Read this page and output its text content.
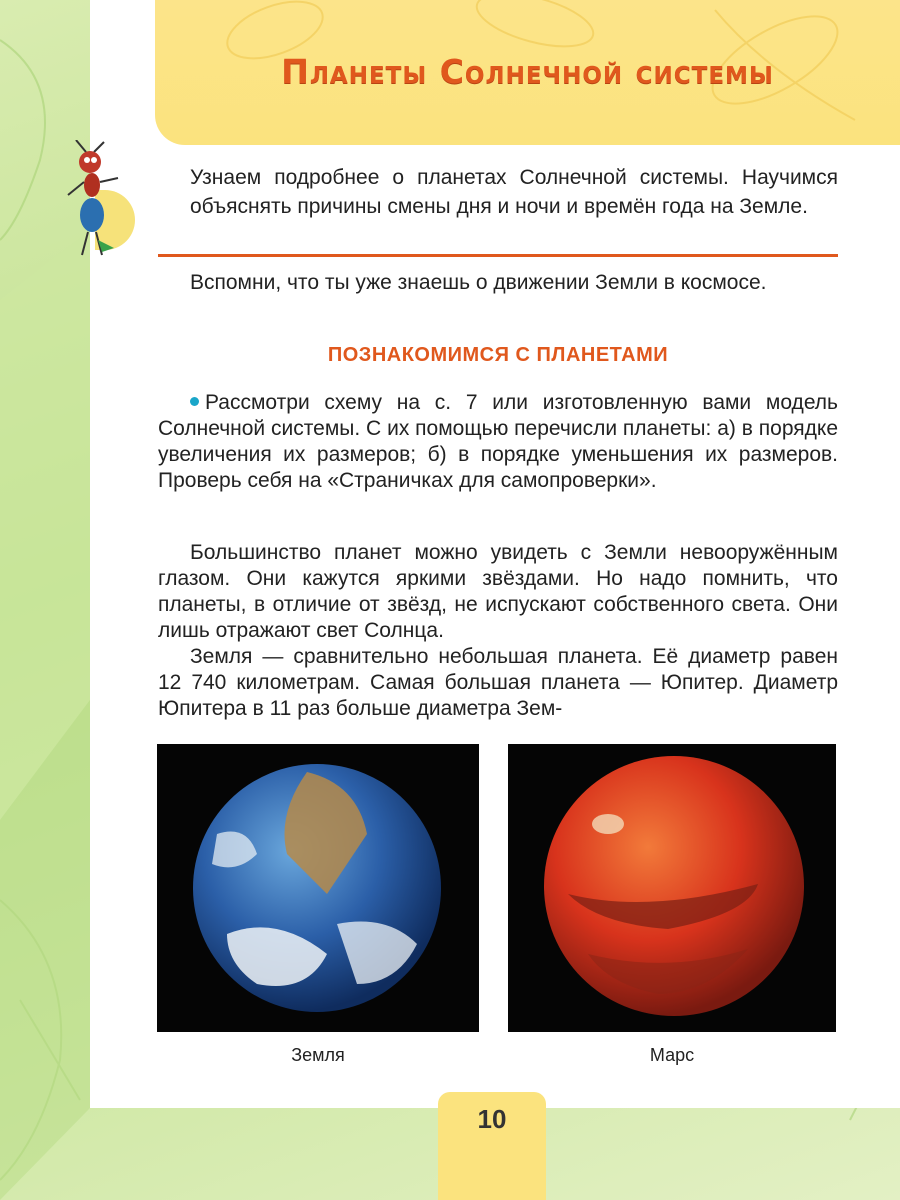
Планеты Солнечной системы

Узнаем подробнее о планетах Солнечной системы. Научимся объяснять причины смены дня и ночи и времён года на Земле.

Вспомни, что ты уже знаешь о движении Земли в космосе.

ПОЗНАКОМИМСЯ С ПЛАНЕТАМИ

Рассмотри схему на с. 7 или изготовленную вами модель Солнечной системы. С их помощью перечисли планеты: а) в порядке увеличения их размеров; б) в порядке уменьшения их размеров. Проверь себя на «Страничках для самопроверки».

Большинство планет можно увидеть с Земли невооружённым глазом. Они кажутся яркими звёздами. Но надо помнить, что планеты, в отличие от звёзд, не испускают собственного света. Они лишь отражают свет Солнца.

Земля — сравнительно небольшая планета. Её диаметр равен 12 740 километрам. Самая большая планета — Юпитер. Диаметр Юпитера в 11 раз больше диаметра Зем-

Земля	Марс
10
